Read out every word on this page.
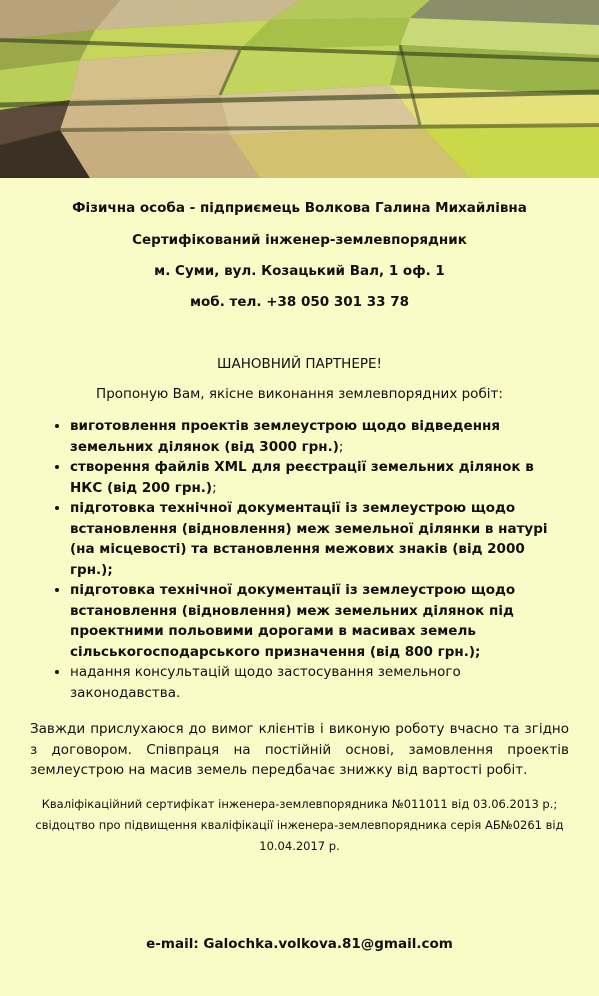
Фізична особа - підприємець Волкова Галина Михайлівна

Сертифікований інженер-землевпорядник

м. Суми, вул. Козацький Вал, 1 оф. 1

моб. тел. +38 050 301 33 78

ШАНОВНИЙ ПАРТНЕРЕ!

Пропоную Вам, якісне виконання землевпорядних робіт:

• виготовлення проектів землеустрою щодо відведення земельних ділянок (від 3000 грн.);
• створення файлів XML для реєстрації земельних ділянок в НКС (від 200 грн.);
• підготовка технічної документації із землеустрою щодо встановлення (відновлення) меж земельної ділянки в натурі (на місцевості) та встановлення межових знаків (від 2000 грн.);
• підготовка технічної документації із землеустрою щодо встановлення (відновлення) меж земельних ділянок під проектними польовими дорогами в масивах земель сільськогосподарського призначення (від 800 грн.);
• надання консультацій щодо застосування земельного законодавства.

Завжди прислухаюся до вимог клієнтів і виконую роботу вчасно та згідно з договором. Співпраця на постійній основі, замовлення проектів землеустрою на масив земель передбачає знижку від вартості робіт.

Кваліфікаційний сертифікат інженера-землевпорядника №011011 від 03.06.2013 р.; свідоцтво про підвищення кваліфікації інженера-землевпорядника серія АБ№0261 від 10.04.2017 р.

e-mail: Galochka.volkova.81@gmail.com
